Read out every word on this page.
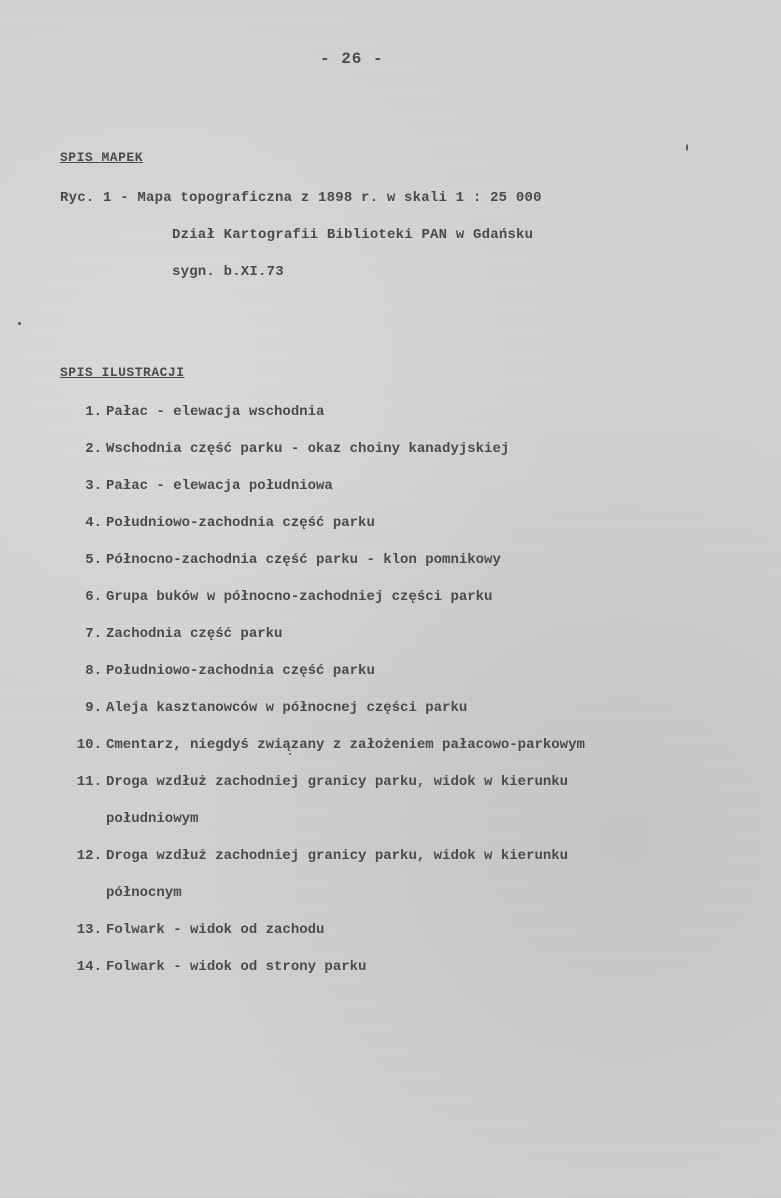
- 26 -
SPIS MAPEK
Ryc. 1 - Mapa topograficzna z 1898 r. w skali 1 : 25 000
Dział Kartografii Biblioteki PAN w Gdańsku
sygn. b.XI.73
SPIS ILUSTRACJI
1. Pałac - elewacja wschodnia
2. Wschodnia część parku - okaz choiny kanadyjskiej
3. Pałac - elewacja południowa
4. Południowo-zachodnia część parku
5. Północno-zachodnia część parku - klon pomnikowy
6. Grupa buków w północno-zachodniej części parku
7. Zachodnia część parku
8. Południowo-zachodnia część parku
9. Aleja kasztanowców w północnej części parku
10. Cmentarz, niegdyś związany z założeniem pałacowo-parkowym
11. Droga wzdłuż zachodniej granicy parku, widok w kierunku
południowym
12. Droga wzdłuż zachodniej granicy parku, widok w kierunku
północnym
13. Folwark - widok od zachodu
14. Folwark - widok od strony parku
